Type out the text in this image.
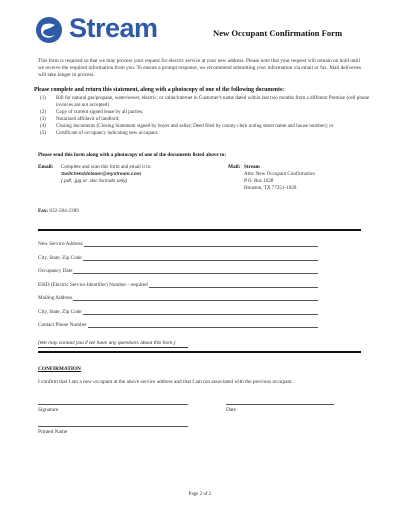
Stream	New Occupant Confirmation Form

This form is required so that we may process your request for electric service at your new address. Please note that your request will remain on hold until we receive the required information from you. To ensure a prompt response, we recommend submitting your information via email or fax. Mail deliveries will take longer to process.

Please complete and return this statement, along with a photocopy of one of the following documents:
(1) Bill for natural gas/propane, water/sewer, electric, or cable/internet in Customer's name dated within last two months from a different Premise (cell phone invoices are not accepted)
(2) Copy of current signed lease by all parties;
(3) Notarized affidavit of landlord;
(4) Closing documents (Closing Statement signed by buyer and seller; Deed filed by county clerk noting street name and house number); or
(5) Certificate of occupancy indicating new occupant.
Please send this form along with a photocopy of one of the documents listed above to:
Email: Complete and scan this form and email it to:
SwitchHoldsteam@mystream.com
(.pdf, .jpg or .doc formats only)
Mail: Stream
Attn: New Occupant Confirmation
P.O. Box 1028
Houston, TX 77251-1028
Fax: 832-584-2389
New Service Address
City, State, Zip Code
Occupancy Date
ESID (Electric Service Identifier) Number - required
Mailing Address
City, State, Zip Code
Contact Phone Number
(We may contact you if we have any questions about this form.)
CONFIRMATION
I confirm that I am a new occupant at the above service address and that I am not associated with the previous occupant.
Signature	Date
Printed Name
Page 2 of 2
